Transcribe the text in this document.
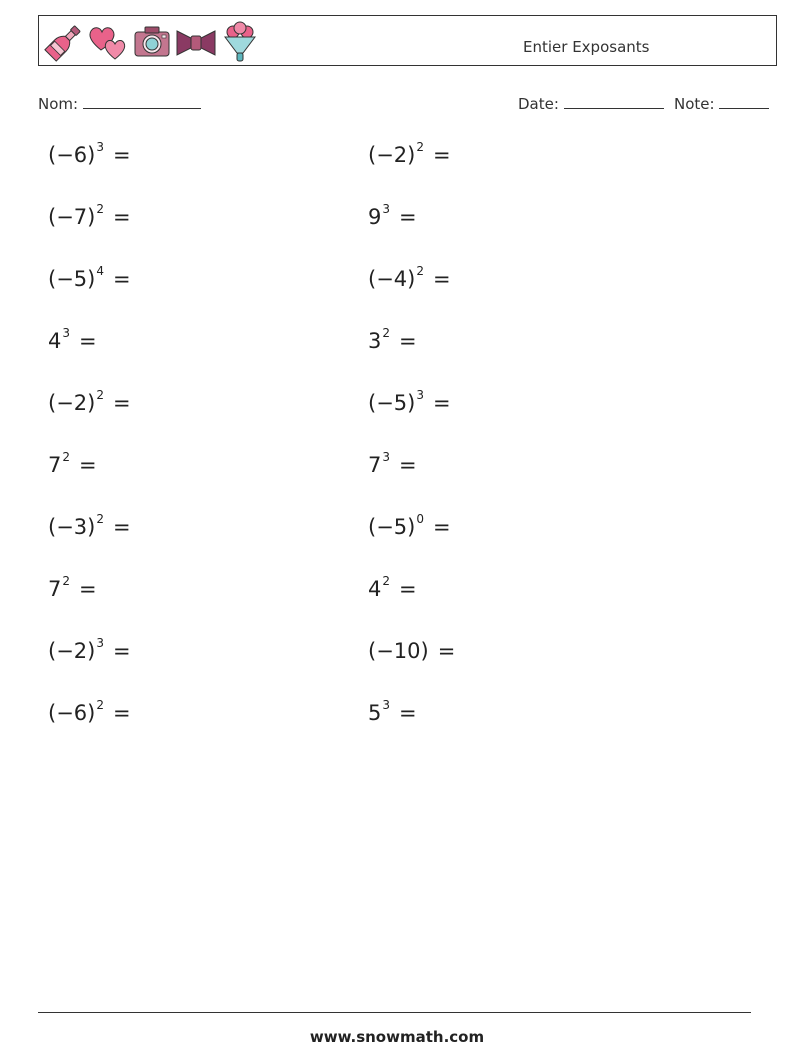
Entier Exposants
Nom:	Date:	Note:
$(-6)^3$ =	$(-2)^2$ =
$(-7)^2$ =	$9^3$ =
$(-5)^4$ =	$(-4)^2$ =
$4^3$ =	$3^2$ =
$(-2)^2$ =	$(-5)^3$ =
$7^2$ =	$7^3$ =
$(-3)^2$ =	$(-5)^0$ =
$7^2$ =	$4^2$ =
$(-2)^3$ =	(−10) =
$(-6)^2$ =	$5^3$ =
www.snowmath.com
